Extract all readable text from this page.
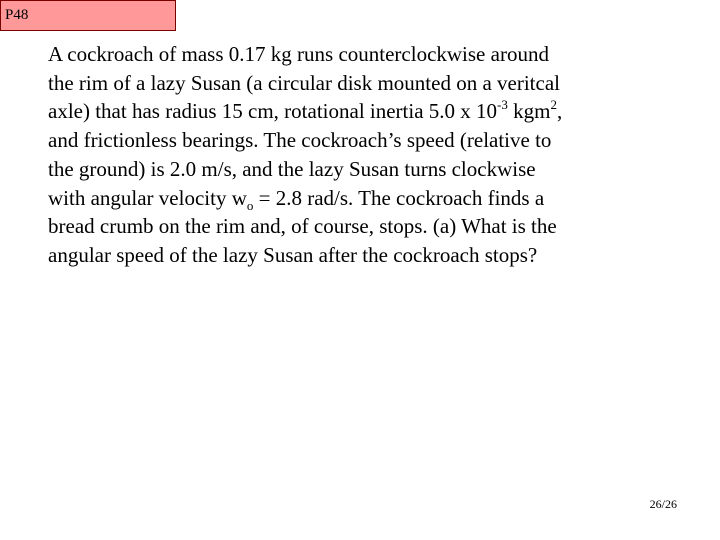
P48
A cockroach of mass 0.17 kg runs counterclockwise around
the rim of a lazy Susan (a circular disk mounted on a veritcal
axle) that has radius 15 cm, rotational inertia 5.0 x $10^{-3}$ kgm$^2$,
and frictionless bearings. The cockroach’s speed (relative to
the ground) is 2.0 m/s, and the lazy Susan turns clockwise
with angular velocity $w_o = 2.8$ rad/s. The cockroach finds a
bread crumb on the rim and, of course, stops. (a) What is the
angular speed of the lazy Susan after the cockroach stops?
26/26
